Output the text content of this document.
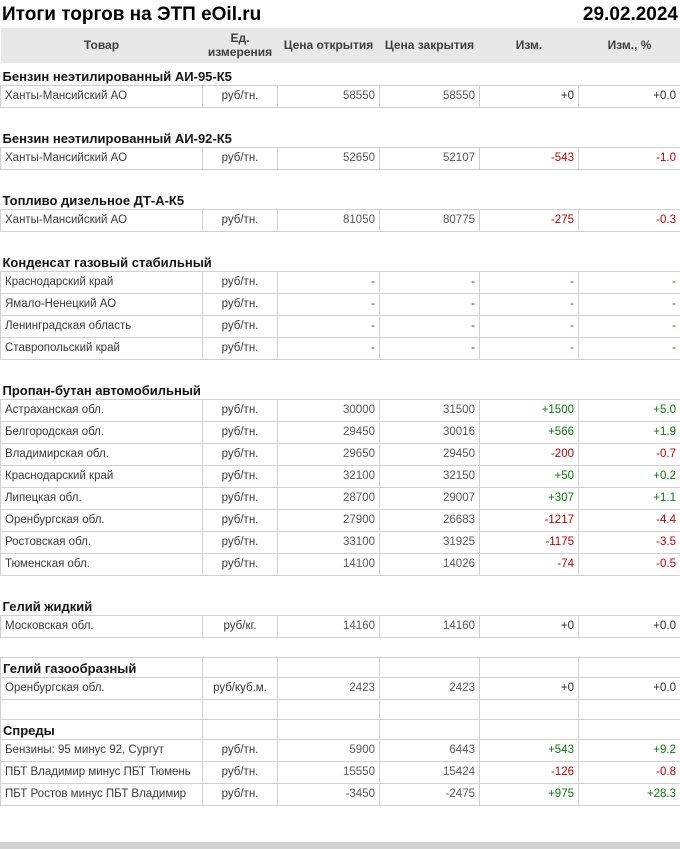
Итоги торгов на ЭТП eOil.ru	29.02.2024
Товар	Ед. измерения	Цена открытия	Цена закрытия	Изм.	Изм., %
Бензин неэтилированный АИ-95-К5					
Ханты-Мансийский АО	руб/тн.	58550	58550	+0	+0.0

Бензин неэтилированный АИ-92-К5					
Ханты-Мансийский АО	руб/тн.	52650	52107	-543	-1.0

Топливо дизельное ДТ-А-К5					
Ханты-Мансийский АО	руб/тн.	81050	80775	-275	-0.3

Конденсат газовый стабильный					
Краснодарский край	руб/тн.	-	-	-	-
Ямало-Ненецкий АО	руб/тн.	-	-	-	-
Ленинградская область	руб/тн.	-	-	-	-
Ставропольский край	руб/тн.	-	-	-	-

Пропан-бутан автомобильный					
Астраханская обл.	руб/тн.	30000	31500	+1500	+5.0
Белгородская обл.	руб/тн.	29450	30016	+566	+1.9
Владимирская обл.	руб/тн.	29650	29450	-200	-0.7
Краснодарский край	руб/тн.	32100	32150	+50	+0.2
Липецкая обл.	руб/тн.	28700	29007	+307	+1.1
Оренбургская обл.	руб/тн.	27900	26683	-1217	-4.4
Ростовская обл.	руб/тн.	33100	31925	-1175	-3.5
Тюменская обл.	руб/тн.	14100	14026	-74	-0.5

Гелий жидкий					
Московская обл.	руб/кг.	14160	14160	+0	+0.0

Гелий газообразный					
Оренбургская обл.	руб/куб.м.	2423	2423	+0	+0.0

Спреды					
Бензины: 95 минус 92, Сургут	руб/тн.	5900	6443	+543	+9.2
ПБТ Владимир минус ПБТ Тюмень	руб/тн.	15550	15424	-126	-0.8
ПБТ Ростов минус ПБТ Владимир	руб/тн.	-3450	-2475	+975	+28.3
